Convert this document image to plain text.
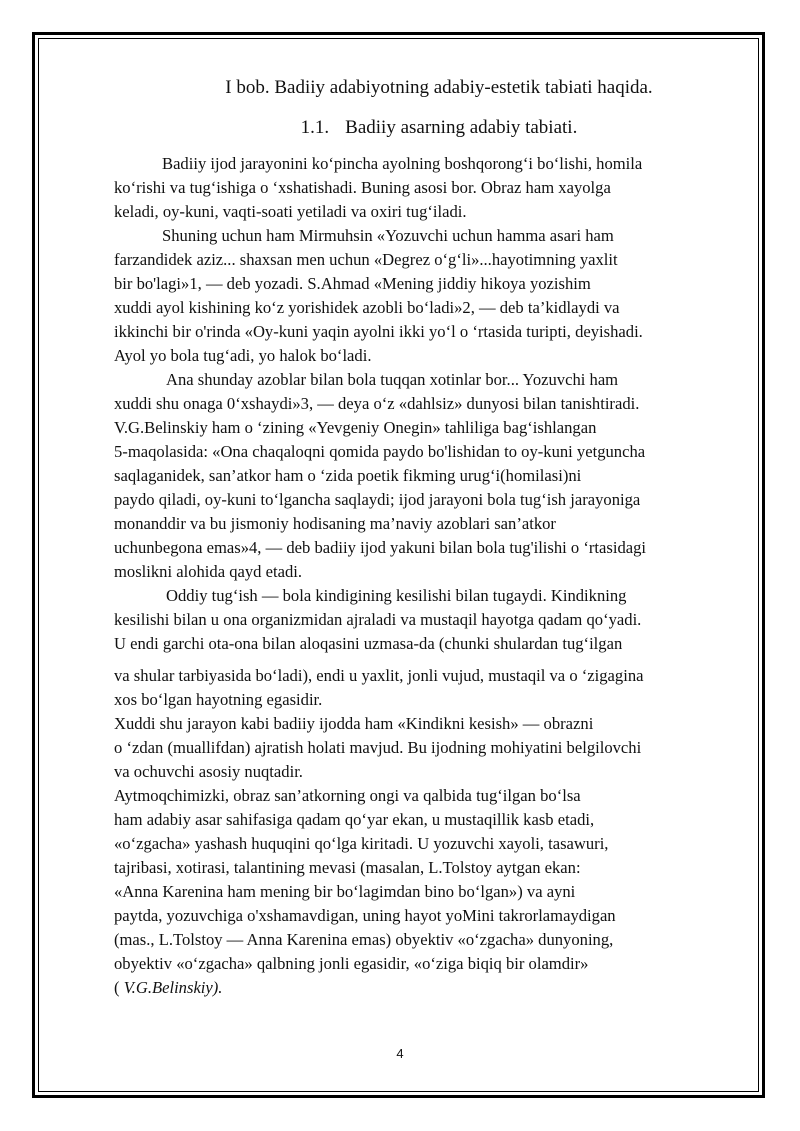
I bob. Badiiy adabiyotning adabiy-estetik tabiati haqida.
1.1. Badiiy asarning adabiy tabiati.
Badiiy ijod jarayonini ko‘pincha ayolning boshqorong‘i bo‘lishi, homila
ko‘rishi va tug‘ishiga o ‘xshatishadi. Buning asosi bor. Obraz ham xayolga
keladi, oy-kuni, vaqti-soati yetiladi va oxiri tug‘iladi.
Shuning uchun ham Mirmuhsin «Yozuvchi uchun hamma asari ham
farzandidek aziz... shaxsan men uchun «Degrez o‘g‘li»...hayotimning yaxlit
bir bo'lagi»1, — deb yozadi. S.Ahmad «Mening jiddiy hikoya yozishim
xuddi ayol kishining ko‘z yorishidek azobli bo‘ladi»2, — deb ta’kidlaydi va
ikkinchi bir o'rinda «Oy-kuni yaqin ayolni ikki yo‘l o ‘rtasida turipti, deyishadi.
Ayol yo bola tug‘adi, yo halok bo‘ladi.
Ana shunday azoblar bilan bola tuqqan xotinlar bor... Yozuvchi ham
xuddi shu onaga 0‘xshaydi»3, — deya o‘z «dahlsiz» dunyosi bilan tanishtiradi.
V.G.Belinskiy ham o ‘zining «Yevgeniy Onegin» tahliliga bag‘ishlangan
5-maqolasida: «Ona chaqaloqni qomida paydo bo'lishidan to oy-kuni yetguncha
saqlaganidek, san’atkor ham o ‘zida poetik fikming urug‘i(homilasi)ni
paydo qiladi, oy-kuni to‘lgancha saqlaydi; ijod jarayoni bola tug‘ish jarayoniga
monanddir va bu jismoniy hodisaning ma’naviy azoblari san’atkor
uchunbegona emas»4, — deb badiiy ijod yakuni bilan bola tug'ilishi o ‘rtasidagi
moslikni alohida qayd etadi.
Oddiy tug‘ish — bola kindigining kesilishi bilan tugaydi. Kindikning
kesilishi bilan u ona organizmidan ajraladi va mustaqil hayotga qadam qo‘yadi.
U endi garchi ota-ona bilan aloqasini uzmasa-da (chunki shulardan tug‘ilgan
va shular tarbiyasida bo‘ladi), endi u yaxlit, jonli vujud, mustaqil va o ‘zigagina
xos bo‘lgan hayotning egasidir.
Xuddi shu jarayon kabi badiiy ijodda ham «Kindikni kesish» — obrazni
o ‘zdan (muallifdan) ajratish holati mavjud. Bu ijodning mohiyatini belgilovchi
va ochuvchi asosiy nuqtadir.
Aytmoqchimizki, obraz san’atkorning ongi va qalbida tug‘ilgan bo‘lsa
ham adabiy asar sahifasiga qadam qo‘yar ekan, u mustaqillik kasb etadi,
«o‘zgacha» yashash huquqini qo‘lga kiritadi. U yozuvchi xayoli, tasawuri,
tajribasi, xotirasi, talantining mevasi (masalan, L.Tolstoy aytgan ekan:
«Anna Karenina ham mening bir bo‘lagimdan bino bo‘lgan») va ayni
paytda, yozuvchiga o'xshamavdigan, uning hayot yoMini takrorlamaydigan
(mas., L.Tolstoy — Anna Karenina emas) obyektiv «o‘zgacha» dunyoning,
obyektiv «o‘zgacha» qalbning jonli egasidir, «o‘ziga biqiq bir olamdir»
( V.G.Belinskiy).
4
